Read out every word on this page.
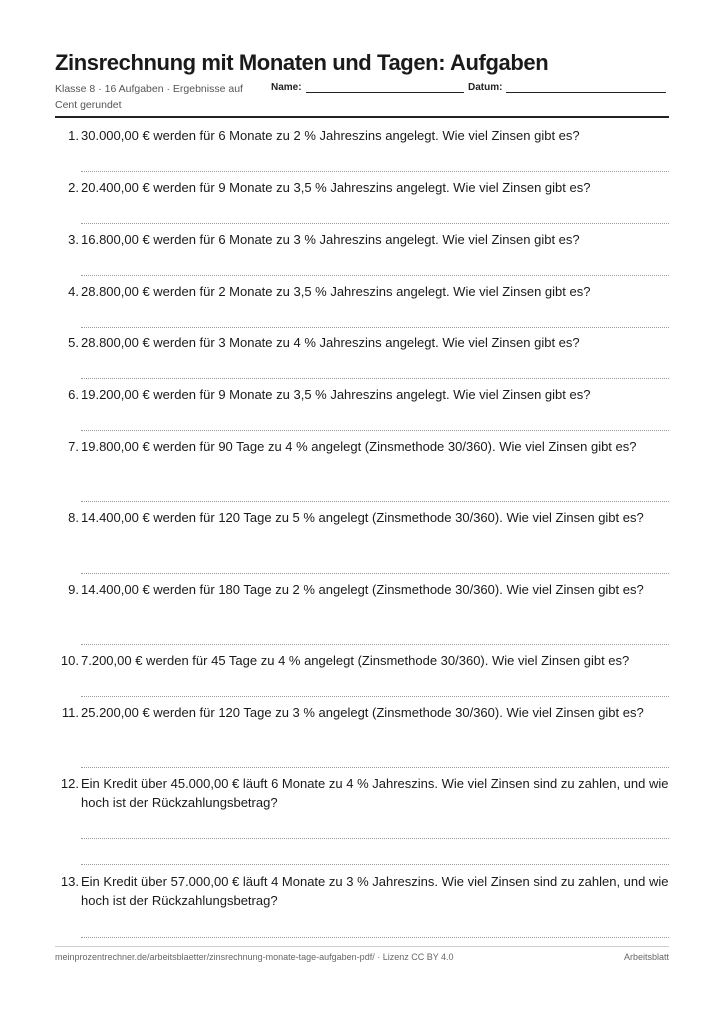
Zinsrechnung mit Monaten und Tagen: Aufgaben
Klasse 8 · 16 Aufgaben · Ergebnisse auf Cent gerundet
Name:	Datum:
1. 30.000,00 € werden für 6 Monate zu 2 % Jahreszins angelegt. Wie viel Zinsen gibt es?
2. 20.400,00 € werden für 9 Monate zu 3,5 % Jahreszins angelegt. Wie viel Zinsen gibt es?
3. 16.800,00 € werden für 6 Monate zu 3 % Jahreszins angelegt. Wie viel Zinsen gibt es?
4. 28.800,00 € werden für 2 Monate zu 3,5 % Jahreszins angelegt. Wie viel Zinsen gibt es?
5. 28.800,00 € werden für 3 Monate zu 4 % Jahreszins angelegt. Wie viel Zinsen gibt es?
6. 19.200,00 € werden für 9 Monate zu 3,5 % Jahreszins angelegt. Wie viel Zinsen gibt es?
7. 19.800,00 € werden für 90 Tage zu 4 % angelegt (Zinsmethode 30/360). Wie viel Zinsen gibt es?
8. 14.400,00 € werden für 120 Tage zu 5 % angelegt (Zinsmethode 30/360). Wie viel Zinsen gibt es?
9. 14.400,00 € werden für 180 Tage zu 2 % angelegt (Zinsmethode 30/360). Wie viel Zinsen gibt es?
10. 7.200,00 € werden für 45 Tage zu 4 % angelegt (Zinsmethode 30/360). Wie viel Zinsen gibt es?
11. 25.200,00 € werden für 120 Tage zu 3 % angelegt (Zinsmethode 30/360). Wie viel Zinsen gibt es?
12. Ein Kredit über 45.000,00 € läuft 6 Monate zu 4 % Jahreszins. Wie viel Zinsen sind zu zahlen, und wie hoch ist der Rückzahlungsbetrag?
13. Ein Kredit über 57.000,00 € läuft 4 Monate zu 3 % Jahreszins. Wie viel Zinsen sind zu zahlen, und wie hoch ist der Rückzahlungsbetrag?
meinprozentrechner.de/arbeitsblaetter/zinsrechnung-monate-tage-aufgaben-pdf/ · Lizenz CC BY 4.0	Arbeitsblatt
